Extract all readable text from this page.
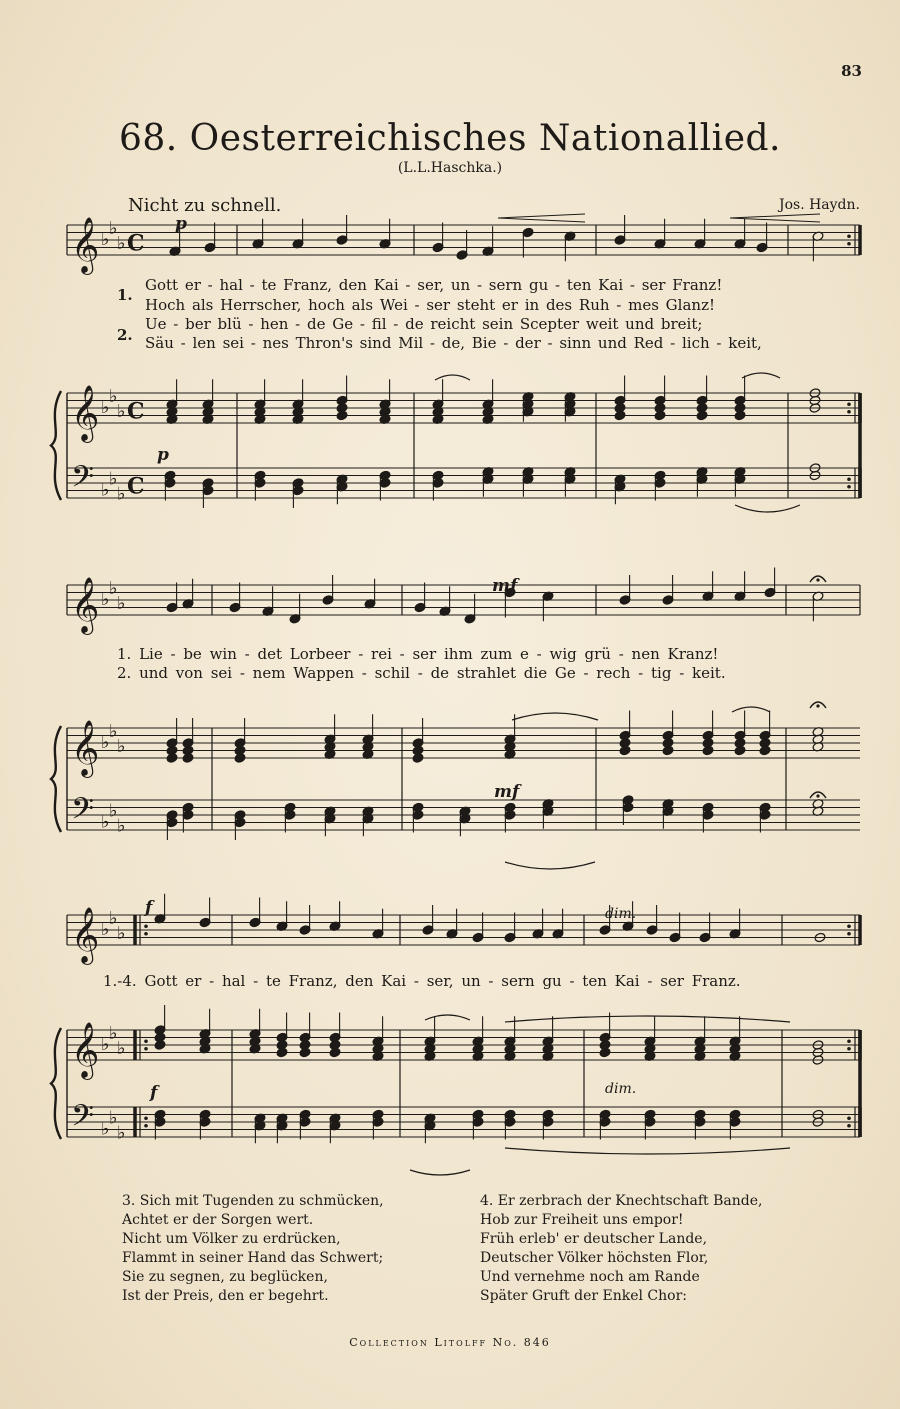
83
68. Oesterreichisches Nationallied.
(L.L.Haschka.)
Nicht zu schnell.	Jos. Haydn.
𝄞 ♭
♭
♭ C
𝄞 ♭
♭
♭ C
𝄢 ♭
♭
♭ C
𝄞 ♭
♭
♭
𝄞 ♭
♭
♭
𝄢 ♭
♭
♭
𝄞 ♭
♭
♭
𝄞 ♭
♭
♭
𝄢 ♭
♭
♭
p
p
mf
mf
f
f
dim.
dim.
1.
2.
Gott er - hal - te Franz, den Kai - ser, un - sern gu - ten Kai - ser Franz!
Hoch als Herrscher, hoch als Wei - ser steht er in des Ruh - mes Glanz!
Ue - ber blü - hen - de Ge - fil - de reicht sein Scepter weit und breit;
Säu - len sei - nes Thron's sind Mil - de, Bie - der - sinn und Red - lich - keit,
1. Lie - be win - det Lorbeer - rei - ser ihm zum e - wig grü - nen Kranz!
2. und von sei - nem Wappen - schil - de strahlet die Ge - rech - tig - keit.
1.-4. Gott er - hal - te Franz, den Kai - ser, un - sern gu - ten Kai - ser Franz.
3. Sich mit Tugenden zu schmücken,
Achtet er der Sorgen wert.
Nicht um Völker zu erdrücken,
Flammt in seiner Hand das Schwert;
Sie zu segnen, zu beglücken,
Ist der Preis, den er begehrt.
4. Er zerbrach der Knechtschaft Bande,
Hob zur Freiheit uns empor!
Früh erleb' er deutscher Lande,
Deutscher Völker höchsten Flor,
Und vernehme noch am Rande
Später Gruft der Enkel Chor:
Collection Litolff No. 846
